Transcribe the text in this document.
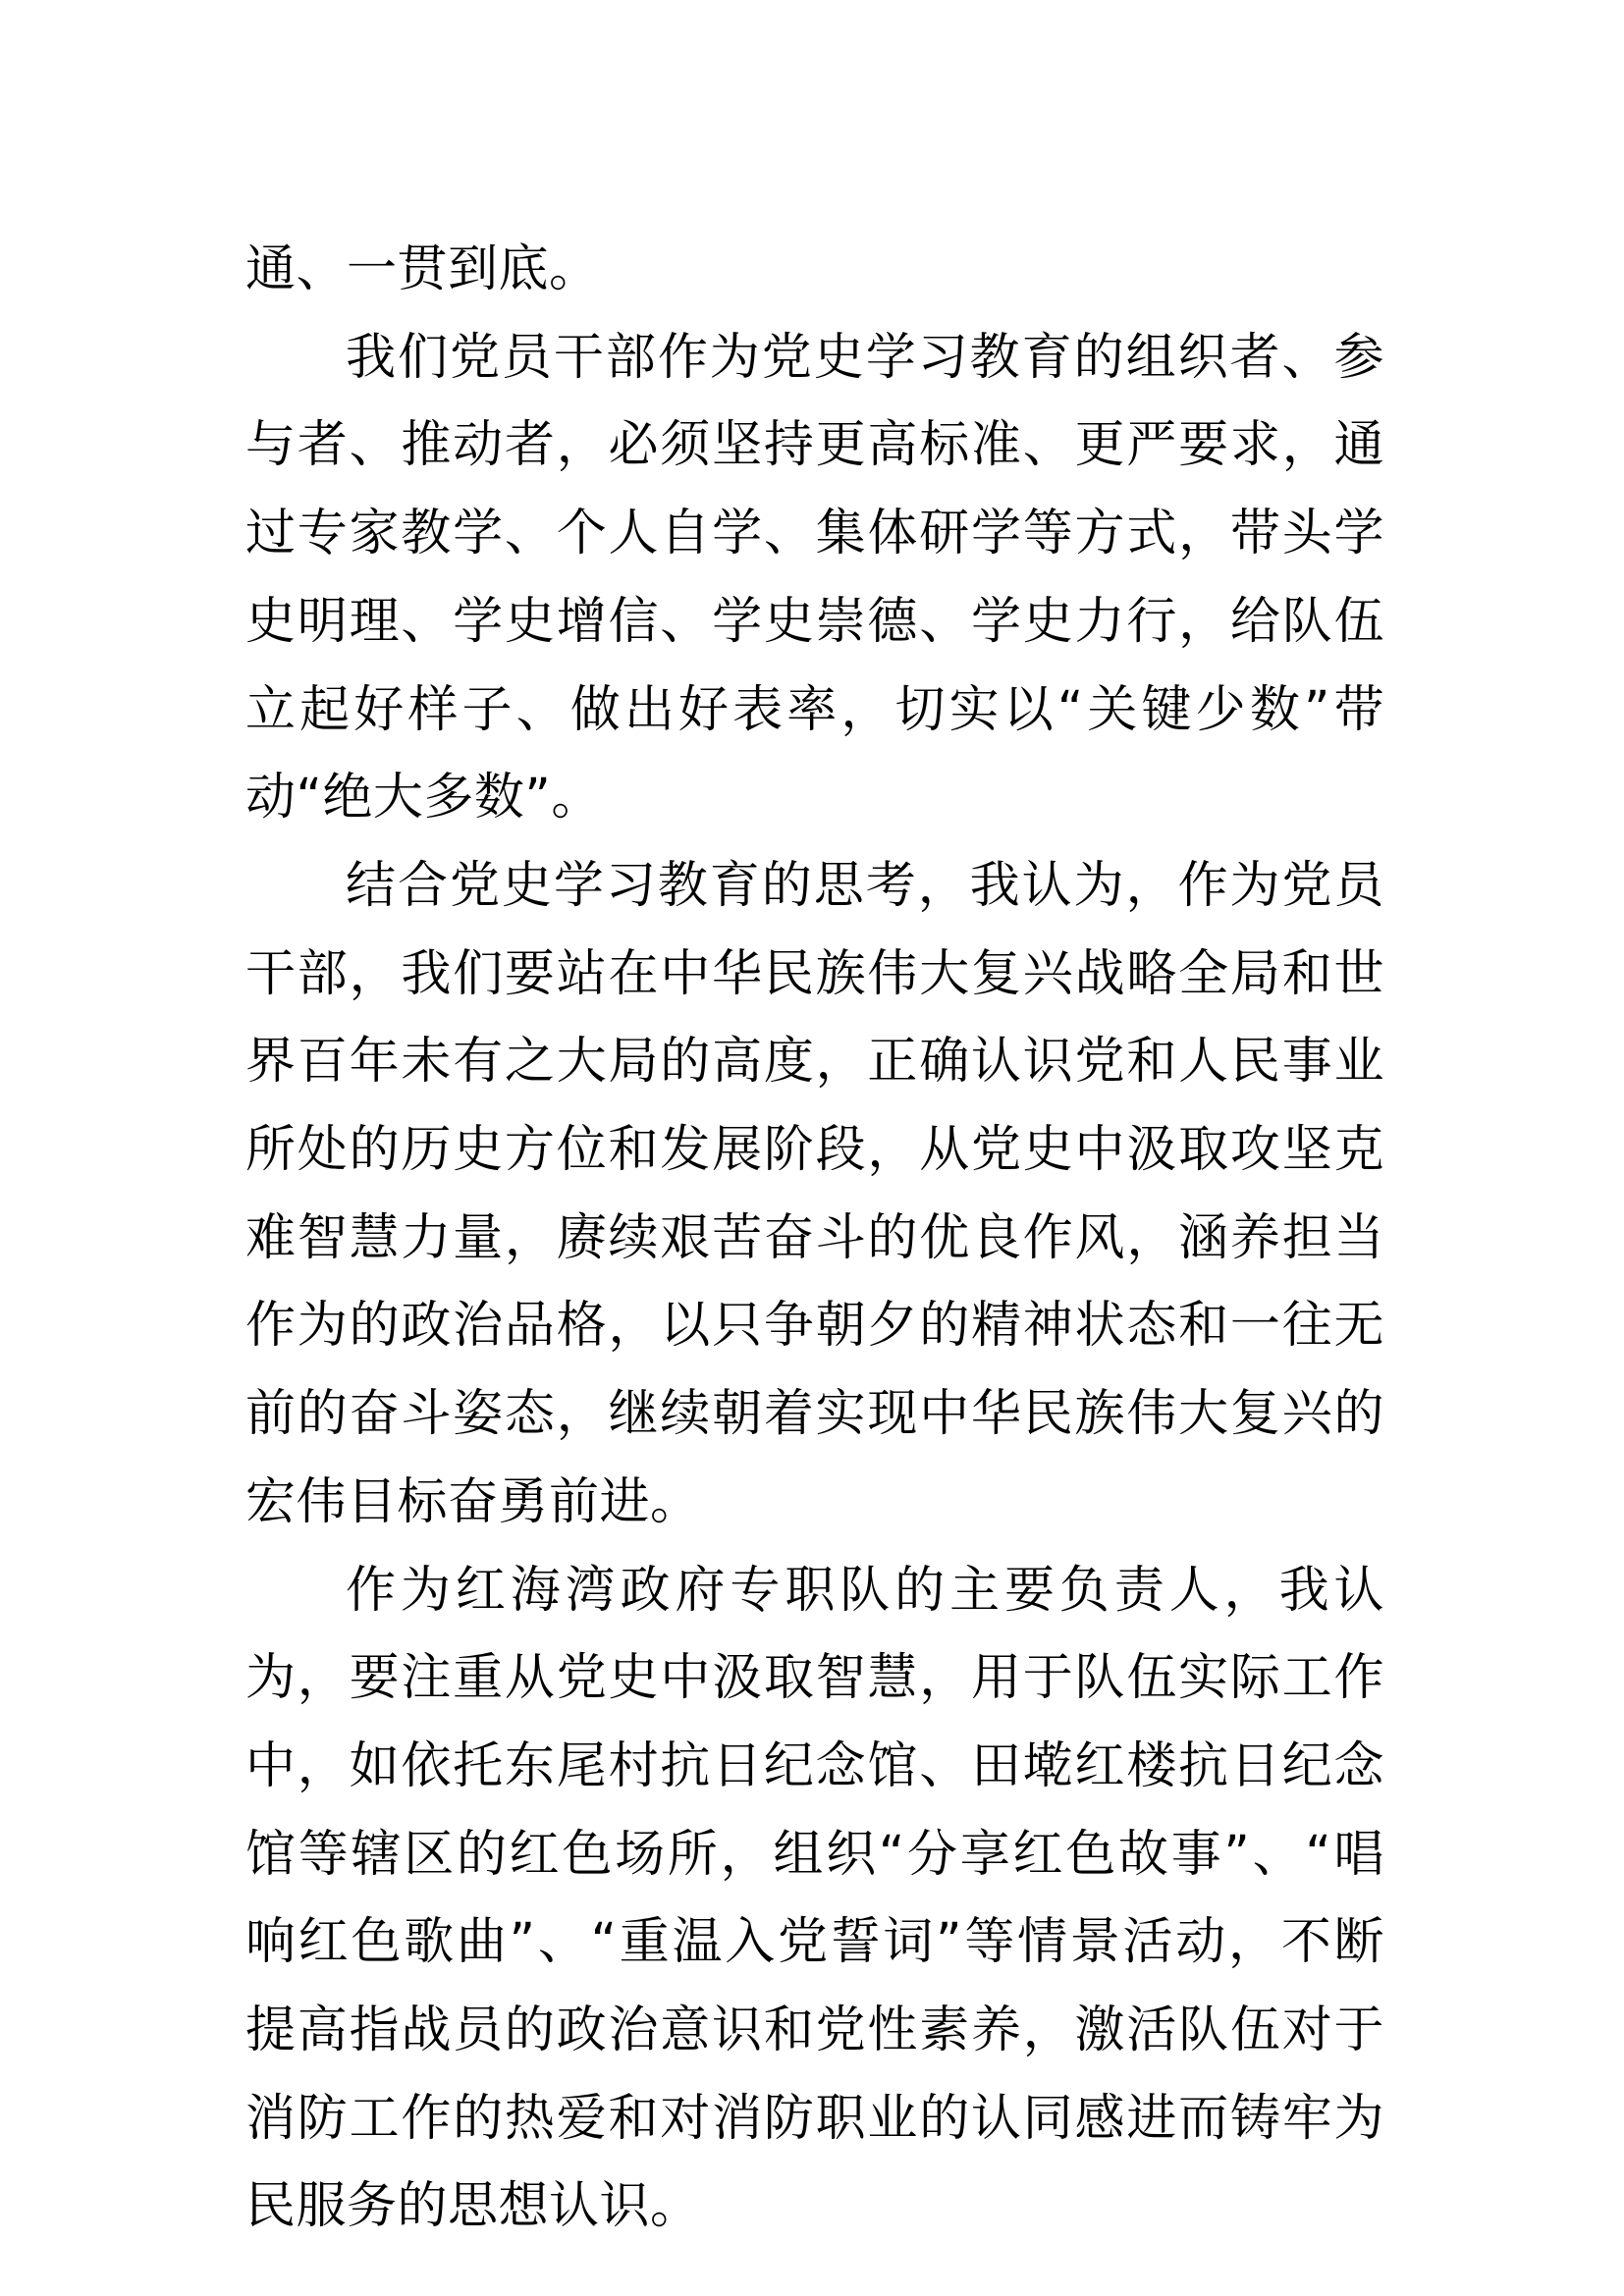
通、一贯到底。

我们党员干部作为党史学习教育的组织者、参与者、推动者，必须坚持更高标准、更严要求，通过专家教学、个人自学、集体研学等方式，带头学史明理、学史增信、学史崇德、学史力行，给队伍立起好样子、做出好表率，切实以“关键少数”带动“绝大多数”。

结合党史学习教育的思考，我认为，作为党员干部，我们要站在中华民族伟大复兴战略全局和世界百年未有之大局的高度，正确认识党和人民事业所处的历史方位和发展阶段，从党史中汲取攻坚克难智慧力量，赓续艰苦奋斗的优良作风，涵养担当作为的政治品格，以只争朝夕的精神状态和一往无前的奋斗姿态，继续朝着实现中华民族伟大复兴的宏伟目标奋勇前进。

作为红海湾政府专职队的主要负责人，我认为，要注重从党史中汲取智慧，用于队伍实际工作中，如依托东尾村抗日纪念馆、田墘红楼抗日纪念馆等辖区的红色场所，组织“分享红色故事”、“唱响红色歌曲”、“重温入党誓词”等情景活动，不断提高指战员的政治意识和党性素养，激活队伍对于消防工作的热爱和对消防职业的认同感进而铸牢为民服务的思想认识。
